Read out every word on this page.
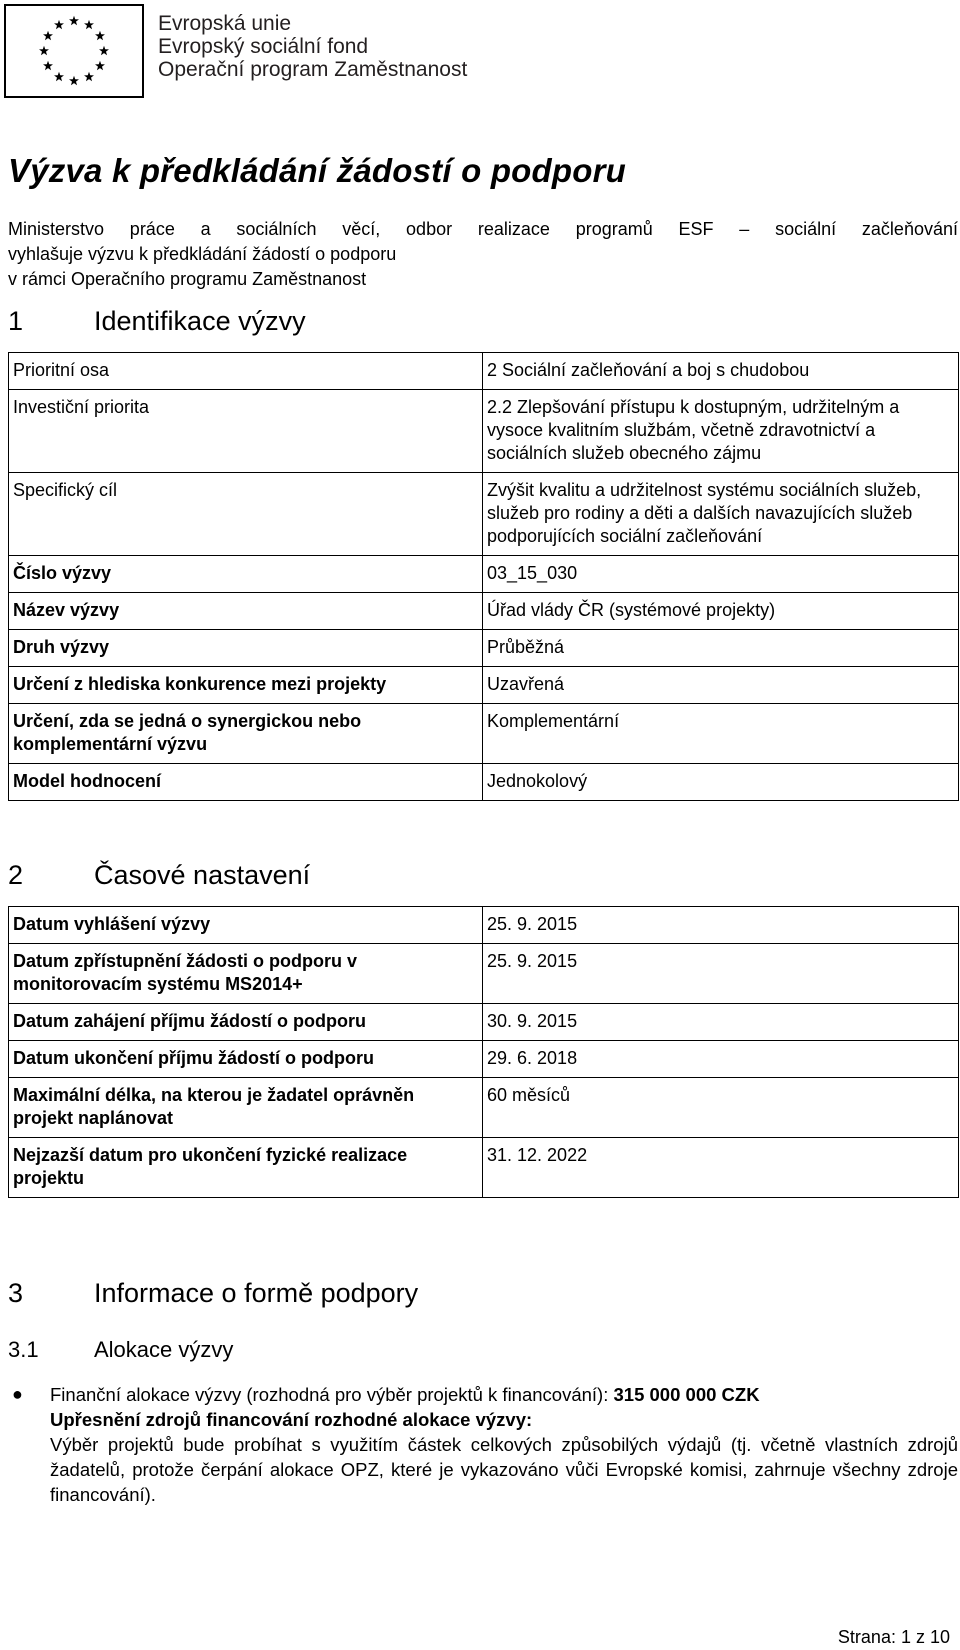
Evropská unie
Evropský sociální fond
Operační program Zaměstnanost
Výzva k předkládání žádostí o podporu

Ministerstvo práce a sociálních věcí, odbor realizace programů ESF – sociální začleňování

vyhlašuje výzvu k předkládání žádostí o podporu

v rámci Operačního programu Zaměstnanost

1	Identifikace výzvy
Prioritní osa	2 Sociální začleňování a boj s chudobou
Investiční priorita	2.2 Zlepšování přístupu k dostupným, udržitelným a vysoce kvalitním službám, včetně zdravotnictví a sociálních služeb obecného zájmu
Specifický cíl	Zvýšit kvalitu a udržitelnost systému sociálních služeb, služeb pro rodiny a děti a dalších navazujících služeb podporujících sociální začleňování
Číslo výzvy	03_15_030
Název výzvy	Úřad vlády ČR (systémové projekty)
Druh výzvy	Průběžná
Určení z hlediska konkurence mezi projekty	Uzavřená
Určení, zda se jedná o synergickou nebo komplementární výzvu	Komplementární
Model hodnocení	Jednokolový
2	Časové nastavení
Datum vyhlášení výzvy	25. 9. 2015
Datum zpřístupnění žádosti o podporu v monitorovacím systému MS2014+	25. 9. 2015
Datum zahájení příjmu žádostí o podporu	30. 9. 2015
Datum ukončení příjmu žádostí o podporu	29. 6. 2018
Maximální délka, na kterou je žadatel oprávněn projekt naplánovat	60 měsíců
Nejzazší datum pro ukončení fyzické realizace projektu	31. 12. 2022
3	Informace o formě podpory
3.1	Alokace výzvy
● Finanční alokace výzvy (rozhodná pro výběr projektů k financování): 315 000 000 CZK
Upřesnění zdrojů financování rozhodné alokace výzvy:
Výběr projektů bude probíhat s využitím částek celkových způsobilých výdajů (tj. včetně vlastních zdrojů žadatelů, protože čerpání alokace OPZ, které je vykazováno vůči Evropské komisi, zahrnuje všechny zdroje financování).
Strana: 1 z 10
